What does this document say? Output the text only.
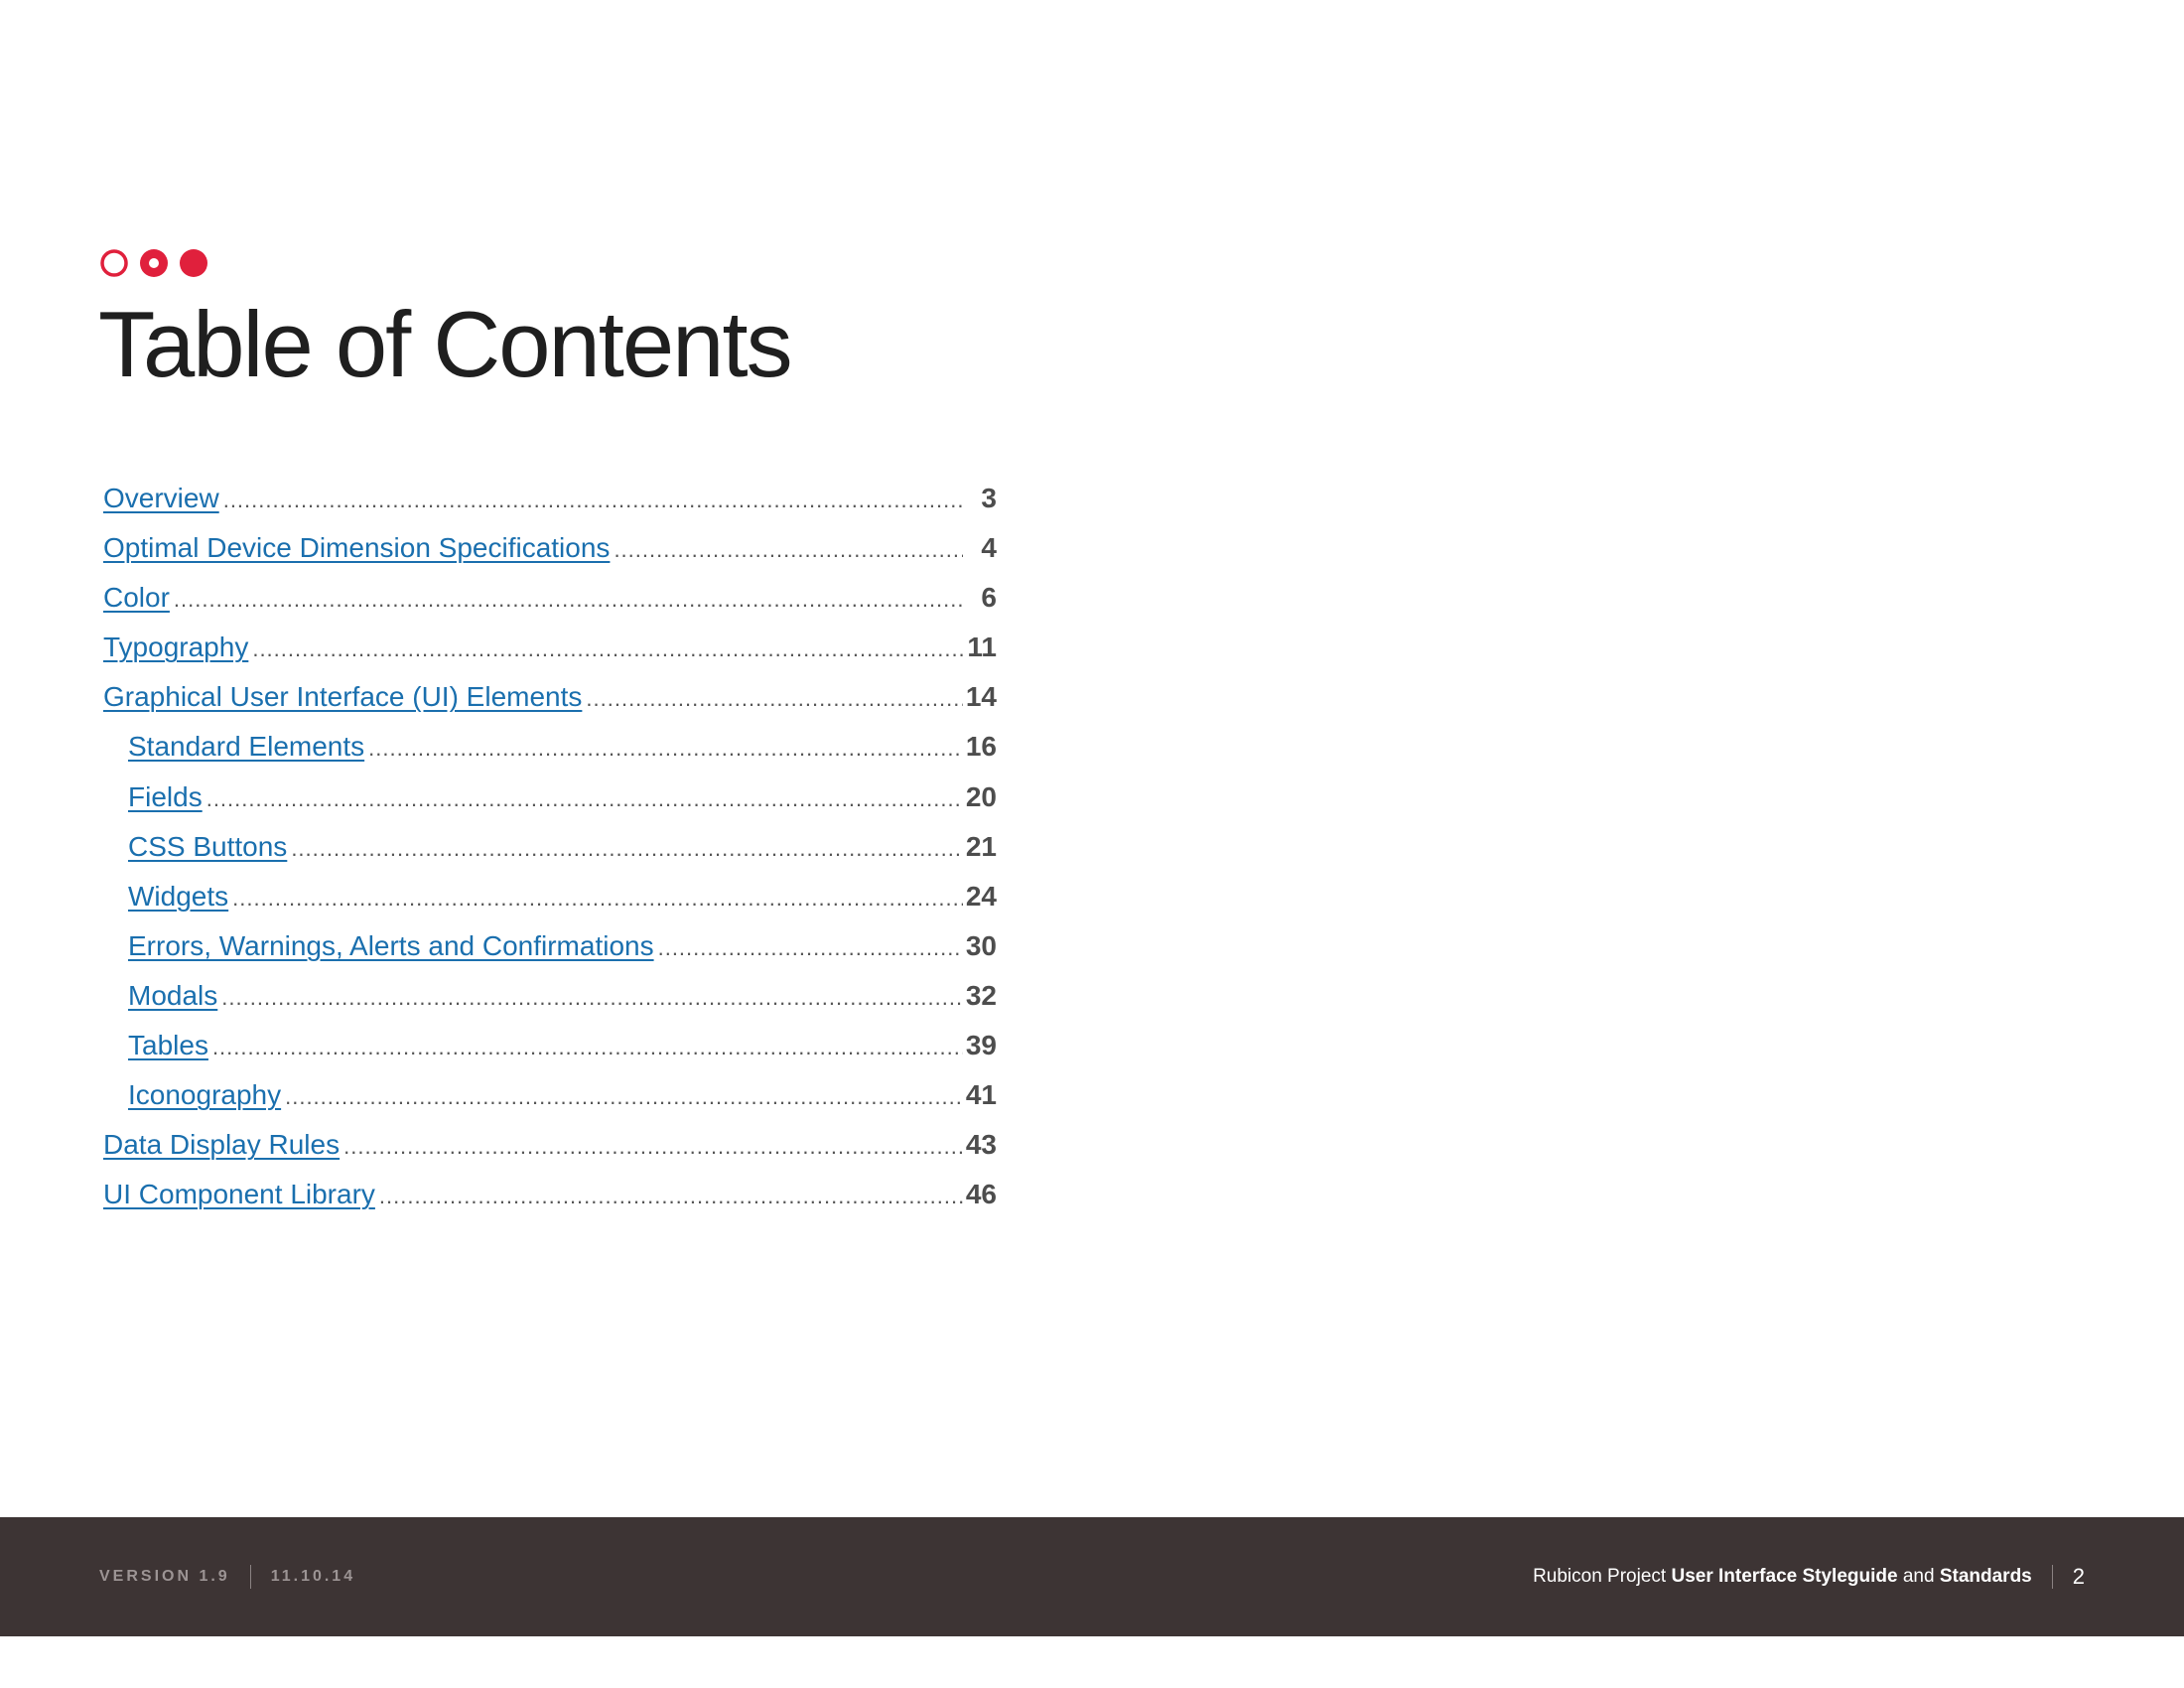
Table of Contents
Overview .....	3
Optimal Device Dimension Specifications .....	4
Color .....	6
Typography .....	11
Graphical User Interface (UI) Elements .....	14
Standard Elements .....	16
Fields .....	20
CSS Buttons .....	21
Widgets .....	24
Errors, Warnings, Alerts and Confirmations .....	30
Modals .....	32
Tables .....	39
Iconography .....	41
Data Display Rules .....	43
UI Component Library .....	46
VERSION 1.9	11.10.14	Rubicon Project
User Interface Styleguide
and
Standards 2
